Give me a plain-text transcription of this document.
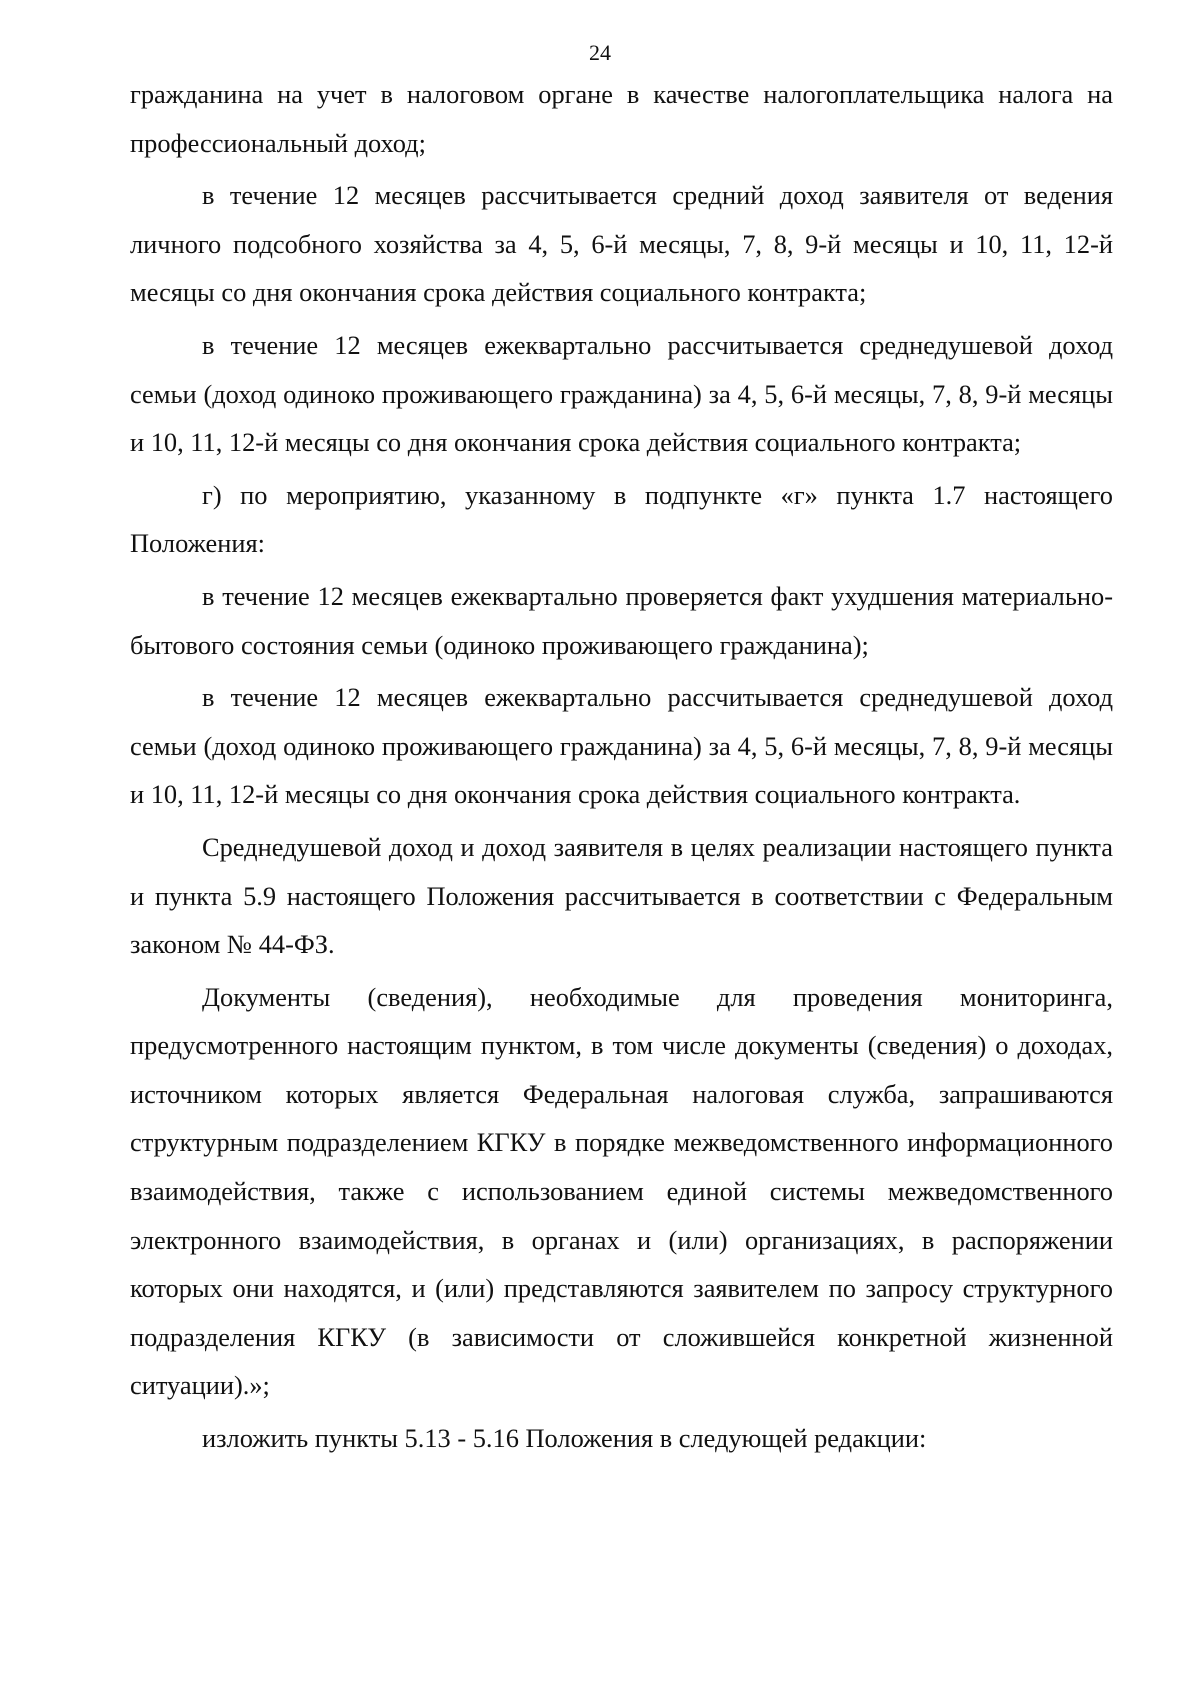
24

гражданина на учет в налоговом органе в качестве налогоплательщика налога на профессиональный доход;

в течение 12 месяцев рассчитывается средний доход заявителя от ведения личного подсобного хозяйства за 4, 5, 6-й месяцы, 7, 8, 9-й месяцы и 10, 11, 12-й месяцы со дня окончания срока действия социального контракта;

в течение 12 месяцев ежеквартально рассчитывается среднедушевой доход семьи (доход одиноко проживающего гражданина) за 4, 5, 6-й месяцы, 7, 8, 9-й месяцы и 10, 11, 12-й месяцы со дня окончания срока действия социального контракта;

г) по мероприятию, указанному в подпункте «г» пункта 1.7 настоящего Положения:

в течение 12 месяцев ежеквартально проверяется факт ухудшения материально-бытового состояния семьи (одиноко проживающего гражданина);

в течение 12 месяцев ежеквартально рассчитывается среднедушевой доход семьи (доход одиноко проживающего гражданина) за 4, 5, 6-й месяцы, 7, 8, 9-й месяцы и 10, 11, 12-й месяцы со дня окончания срока действия социального контракта.

Среднедушевой доход и доход заявителя в целях реализации настоящего пункта и пункта 5.9 настоящего Положения рассчитывается в соответствии с Федеральным законом № 44-ФЗ.

Документы (сведения), необходимые для проведения мониторинга, предусмотренного настоящим пунктом, в том числе документы (сведения) о доходах, источником которых является Федеральная налоговая служба, запрашиваются структурным подразделением КГКУ в порядке межведомственного информационного взаимодействия, также с использованием единой системы межведомственного электронного взаимодействия, в органах и (или) организациях, в распоряжении которых они находятся, и (или) представляются заявителем по запросу структурного подразделения КГКУ (в зависимости от сложившейся конкретной жизненной ситуации).»;

изложить пункты 5.13 - 5.16 Положения в следующей редакции:
